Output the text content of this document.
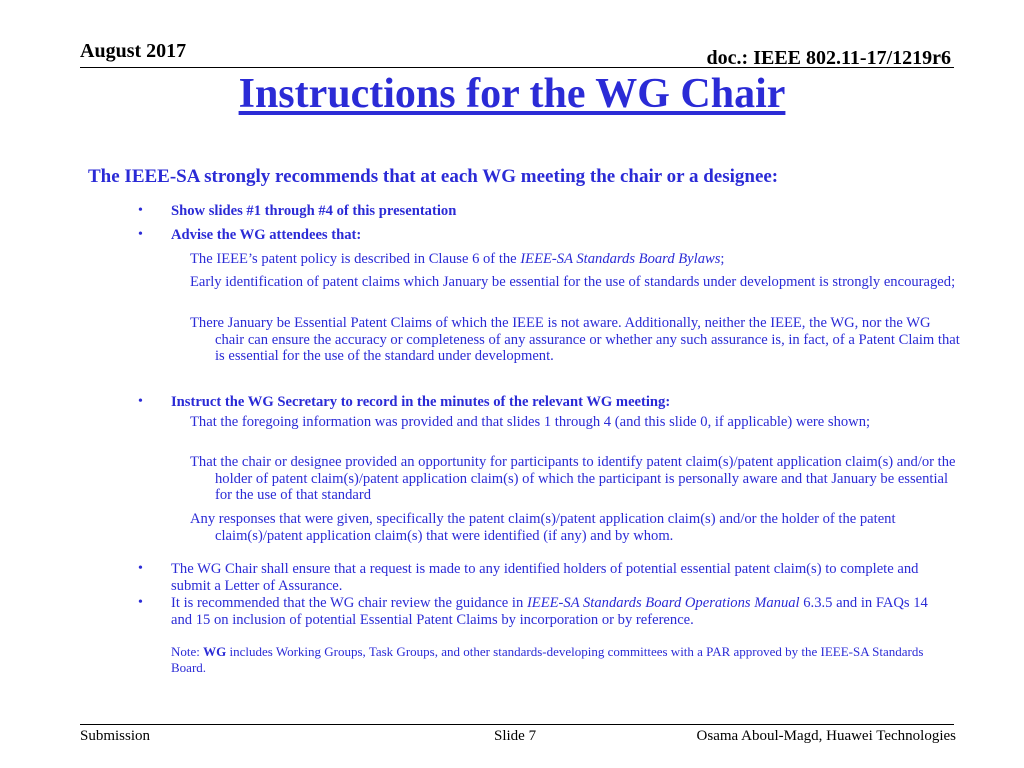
August 2017	doc.: IEEE 802.11-17/1219r6
Instructions for the WG Chair
The IEEE-SA strongly recommends that at each WG meeting the chair or a designee:
• Show slides #1 through #4 of this presentation
• Advise the WG attendees that:
The IEEE’s patent policy is described in Clause 6 of the IEEE-SA Standards Board Bylaws;
Early identification of patent claims which January be essential for the use of standards under development is strongly encouraged;
There January be Essential Patent Claims of which the IEEE is not aware. Additionally, neither the IEEE, the WG, nor the WG chair can ensure the accuracy or completeness of any assurance or whether any such assurance is, in fact, of a Patent Claim that is essential for the use of the standard under development.
• Instruct the WG Secretary to record in the minutes of the relevant WG meeting:
That the foregoing information was provided and that slides 1 through 4 (and this slide 0, if applicable) were shown;
That the chair or designee provided an opportunity for participants to identify patent claim(s)/patent application claim(s) and/or the holder of patent claim(s)/patent application claim(s) of which the participant is personally aware and that January be essential for the use of that standard
Any responses that were given, specifically the patent claim(s)/patent application claim(s) and/or the holder of the patent claim(s)/patent application claim(s) that were identified (if any) and by whom.
• The WG Chair shall ensure that a request is made to any identified holders of potential essential patent claim(s) to complete and submit a Letter of Assurance.
• It is recommended that the WG chair review the guidance in IEEE-SA Standards Board Operations Manual 6.3.5 and in FAQs 14 and 15 on inclusion of potential Essential Patent Claims by incorporation or by reference.
Note: WG includes Working Groups, Task Groups, and other standards-developing committees with a PAR approved by the IEEE-SA Standards Board.
Submission	Slide 7	Osama Aboul-Magd, Huawei Technologies
